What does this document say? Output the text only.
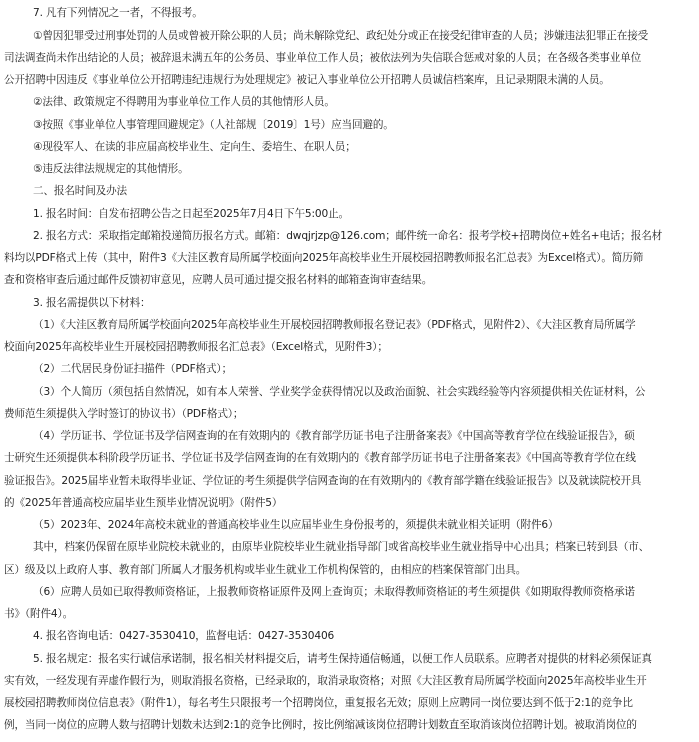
7. 凡有下列情况之一者，不得报考。

①曾因犯罪受过刑事处罚的人员或曾被开除公职的人员；尚未解除党纪、政纪处分或正在接受纪律审查的人员；涉嫌违法犯罪正在接受

司法调查尚未作出结论的人员；被辞退未满五年的公务员、事业单位工作人员；被依法列为失信联合惩戒对象的人员；在各级各类事业单位

公开招聘中因违反《事业单位公开招聘违纪违规行为处理规定》被记入事业单位公开招聘人员诚信档案库，且记录期限未满的人员。

②法律、政策规定不得聘用为事业单位工作人员的其他情形人员。

③按照《事业单位人事管理回避规定》（人社部规〔2019〕1号）应当回避的。

④现役军人、在读的非应届高校毕业生、定向生、委培生、在职人员；

⑤违反法律法规规定的其他情形。

二、报名时间及办法

1. 报名时间：自发布招聘公告之日起至2025年7月4日下午5:00止。

2. 报名方式：采取指定邮箱投递简历报名方式。邮箱：dwqjrjzp@126.com；邮件统一命名：报考学校+招聘岗位+姓名+电话；报名材

料均以PDF格式上传（其中，附件3《大洼区教育局所属学校面向2025年高校毕业生开展校园招聘教师报名汇总表》为Excel格式）。简历筛

查和资格审查后通过邮件反馈初审意见，应聘人员可通过提交报名材料的邮箱查询审查结果。

3. 报名需提供以下材料：

（1）《大洼区教育局所属学校面向2025年高校毕业生开展校园招聘教师报名登记表》（PDF格式，见附件2）、《大洼区教育局所属学

校面向2025年高校毕业生开展校园招聘教师报名汇总表》（Excel格式，见附件3）；

（2）二代居民身份证扫描件（PDF格式）；

（3）个人简历（须包括自然情况，如有本人荣誉、学业奖学金获得情况以及政治面貌、社会实践经验等内容须提供相关佐证材料，公

费师范生须提供入学时签订的协议书）（PDF格式）；

（4）学历证书、学位证书及学信网查询的在有效期内的《教育部学历证书电子注册备案表》《中国高等教育学位在线验证报告》，硕

士研究生还须提供本科阶段学历证书、学位证书及学信网查询的在有效期内的《教育部学历证书电子注册备案表》《中国高等教育学位在线

验证报告》。2025届毕业暂未取得毕业证、学位证的考生须提供学信网查询的在有效期内的《教育部学籍在线验证报告》以及就读院校开具

的《2025年普通高校应届毕业生预毕业情况说明》（附件5）

（5）2023年、2024年高校未就业的普通高校毕业生以应届毕业生身份报考的，须提供未就业相关证明（附件6）

其中，档案仍保留在原毕业院校未就业的，由原毕业院校毕业生就业指导部门或省高校毕业生就业指导中心出具；档案已转到县（市、

区）级及以上政府人事、教育部门所属人才服务机构或毕业生就业工作机构保管的，由相应的档案保管部门出具。

（6）应聘人员如已取得教师资格证，上报教师资格证原件及网上查询页；未取得教师资格证的考生须提供《如期取得教师资格承诺

书》（附件4）。

4. 报名咨询电话：0427-3530410，监督电话：0427-3530406

5. 报名规定：报名实行诚信承诺制，报名相关材料提交后，请考生保持通信畅通，以便工作人员联系。应聘者对提供的材料必须保证真

实有效，一经发现有弄虚作假行为，则取消报名资格，已经录取的，取消录取资格；对照《大洼区教育局所属学校面向2025年高校毕业生开

展校园招聘教师岗位信息表》（附件1），每名考生只限报考一个招聘岗位，重复报名无效；原则上应聘同一岗位要达到不低于2:1的竞争比

例，当同一岗位的应聘人数与招聘计划数未达到2:1的竞争比例时，按比例缩减该岗位招聘计划数直至取消该岗位招聘计划。被取消岗位的
